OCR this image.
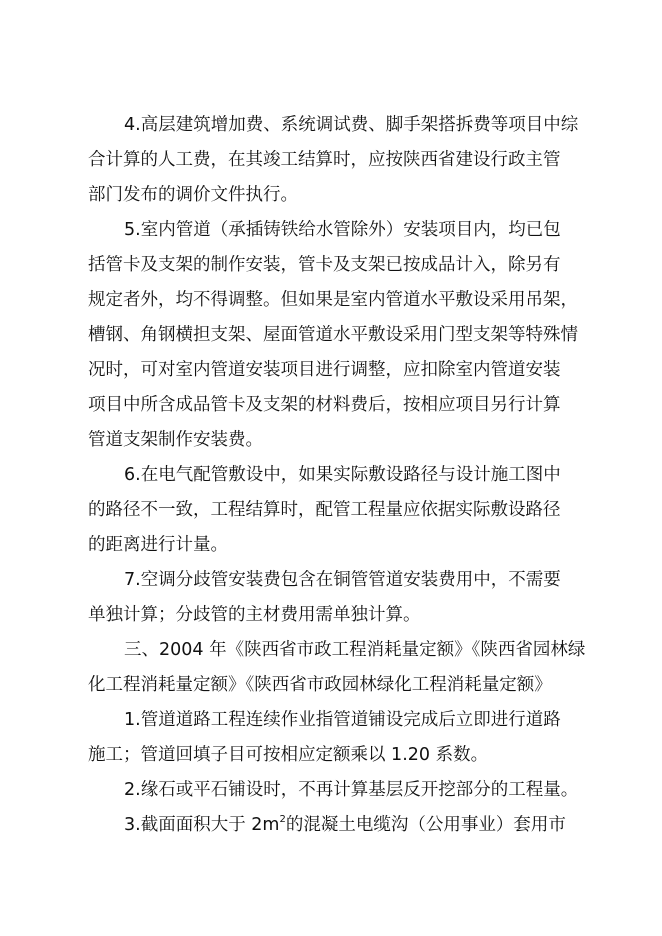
4.高层建筑增加费、系统调试费、脚手架搭拆费等项目中综
合计算的人工费，在其竣工结算时，应按陕西省建设行政主管
部门发布的调价文件执行。
5.室内管道（承插铸铁给水管除外）安装项目内，均已包
括管卡及支架的制作安装，管卡及支架已按成品计入，除另有
规定者外，均不得调整。但如果是室内管道水平敷设采用吊架，
槽钢、角钢横担支架、屋面管道水平敷设采用门型支架等特殊情
况时，可对室内管道安装项目进行调整，应扣除室内管道安装
项目中所含成品管卡及支架的材料费后，按相应项目另行计算
管道支架制作安装费。
6.在电气配管敷设中，如果实际敷设路径与设计施工图中
的路径不一致，工程结算时，配管工程量应依据实际敷设路径
的距离进行计量。
7.空调分歧管安装费包含在铜管管道安装费用中，不需要
单独计算；分歧管的主材费用需单独计算。
三、2004 年《陕西省市政工程消耗量定额》《陕西省园林绿
化工程消耗量定额》《陕西省市政园林绿化工程消耗量定额》
1.管道道路工程连续作业指管道铺设完成后立即进行道路
施工；管道回填子目可按相应定额乘以 1.20 系数。
2.缘石或平石铺设时，不再计算基层反开挖部分的工程量。
3.截面面积大于 $2m^2$的混凝土电缆沟（公用事业）套用市
